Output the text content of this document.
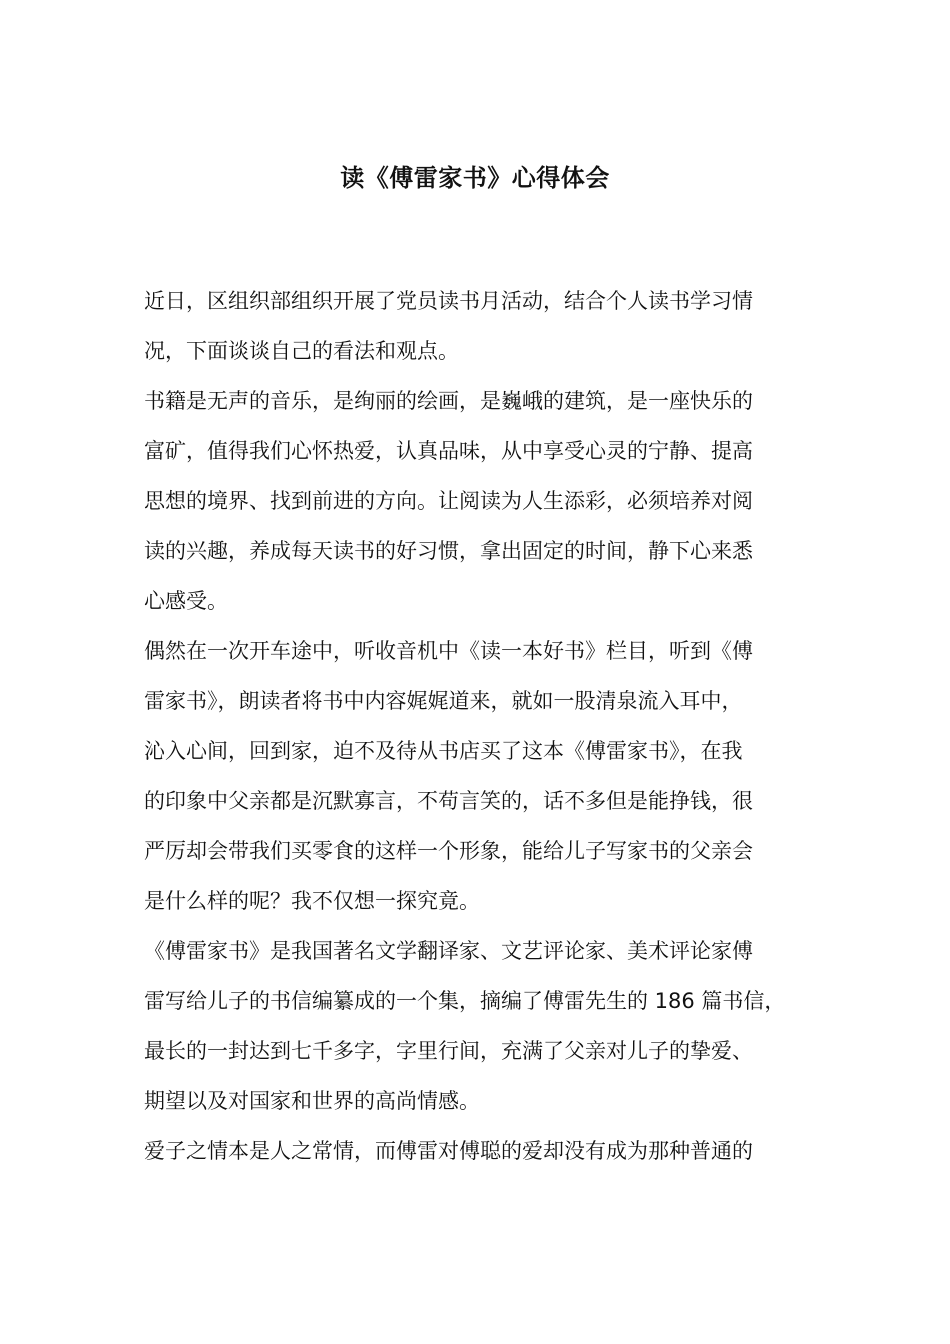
读《傅雷家书》心得体会
近日，区组织部组织开展了党员读书月活动，结合个人读书学习情
况，下面谈谈自己的看法和观点。
书籍是无声的音乐，是绚丽的绘画，是巍峨的建筑，是一座快乐的
富矿，值得我们心怀热爱，认真品味，从中享受心灵的宁静、提高
思想的境界、找到前进的方向。让阅读为人生添彩，必须培养对阅
读的兴趣，养成每天读书的好习惯，拿出固定的时间，静下心来悉
心感受。
偶然在一次开车途中，听收音机中《读一本好书》栏目，听到《傅
雷家书》，朗读者将书中内容娓娓道来，就如一股清泉流入耳中，
沁入心间，回到家，迫不及待从书店买了这本《傅雷家书》，在我
的印象中父亲都是沉默寡言，不苟言笑的，话不多但是能挣钱，很
严厉却会带我们买零食的这样一个形象，能给儿子写家书的父亲会
是什么样的呢？我不仅想一探究竟。
《傅雷家书》是我国著名文学翻译家、文艺评论家、美术评论家傅
雷写给儿子的书信编纂成的一个集，摘编了傅雷先生的 186 篇书信，
最长的一封达到七千多字，字里行间，充满了父亲对儿子的挚爱、
期望以及对国家和世界的高尚情感。
爱子之情本是人之常情，而傅雷对傅聪的爱却没有成为那种普通的
